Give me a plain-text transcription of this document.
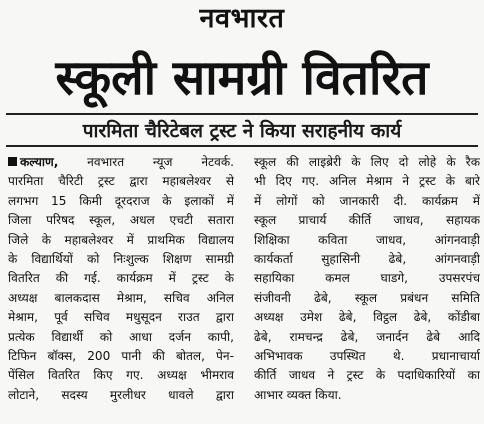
नवभारत
स्कूली सामग्री वितरित
पारमिता चैरिटेबल ट्रस्ट ने किया सराहनीय कार्य
कल्याण, नवभारत न्यूज नेटवर्क.
पारमिता चैरिटी ट्रस्ट द्वारा महाबलेश्वर से
लगभग 15 किमी दूरदराज के इलाकों में
जिला परिषद स्कूल, अधल एचटी सतारा
जिले के महाबलेश्वर में प्राथमिक विद्यालय
के विद्यार्थियों को निःशुल्क शिक्षण सामग्री
वितरित की गई. कार्यक्रम में ट्रस्ट के
अध्यक्ष बालकदास मेश्राम, सचिव अनिल
मेश्राम, पूर्व सचिव मधुसूदन राउत द्वारा
प्रत्येक विद्यार्थी को आधा दर्जन कापी,
टिफिन बॉक्स, 200 पानी की बोतल, पेन-
पेंसिल वितरित किए गए. अध्यक्ष भीमराव
लोटाने, सदस्य मुरलीधर धावले द्वारा
स्कूल की लाइब्रेरी के लिए दो लोहे के रैक
भी दिए गए. अनिल मेश्राम ने ट्रस्ट के बारे
में लोगों को जानकारी दी. कार्यक्रम में
स्कूल प्राचार्य कीर्ति जाधव, सहायक
शिक्षिका कविता जाधव, आंगनवाड़ी
कार्यकर्ता सुहासिनी ढेबे, आंगनवाड़ी
सहायिका कमल घाडगे, उपसरपंच
संजीवनी ढेबे, स्कूल प्रबंधन समिति
अध्यक्ष उमेश ढेबे, विट्ठल ढेबे, कोंडीबा
ढेबे, रामचन्द्र ढेबे, जनार्दन ढेबे आदि
अभिभावक उपस्थित थे. प्रधानाचार्या
कीर्ति जाधव ने ट्रस्ट के पदाधिकारियों का
आभार व्यक्त किया.
